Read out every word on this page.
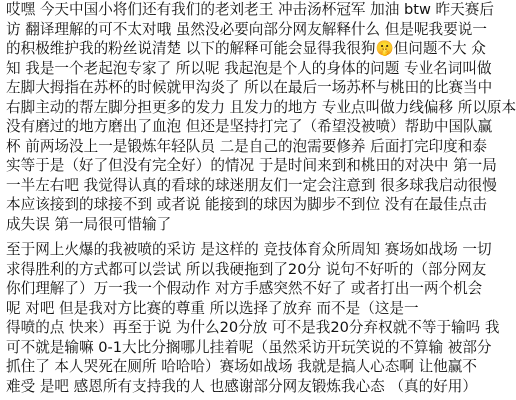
哎嘿 今天中国小将们还有我们的老刘老王 冲击汤杯冠军 加油 btw 昨天赛后
访 翻译理解的可不太对哦 虽然没必要向部分网友解释什么 但是呢我要说一
的积极维护我的粉丝说清楚 以下的解释可能会显得我很狗🤫但问题不大 众
知 我是一个老起泡专家了 所以呢 我起泡是个人的身体的问题 专业名词叫做
左脚大拇指在苏杯的时候就甲沟炎了 所以在最后一场苏杯与桃田的比赛当中
右脚主动的帮左脚分担更多的发力 且发力的地方 专业点叫做力线偏移 所以原本
没有磨过的地方磨出了血泡 但还是坚持打完了（希望没被喷）帮助中国队赢
杯 前两场没上一是锻炼年轻队员 二是自己的泡需要修养 后面打完印度和泰
实等于是（好了但没有完全好）的情况 于是时间来到和桃田的对决中 第一局
一半左右吧 我觉得认真的看球的球迷朋友们一定会注意到 很多球我启动很慢
本应该接到的球接不到 或者说 能接到的球因为脚步不到位 没有在最佳点击
成失误 第一局很可惜输了
至于网上火爆的我被喷的采访 是这样的 竞技体育众所周知 赛场如战场 一切
求得胜利的方式都可以尝试 所以我硬拖到了20分 说句不好听的（部分网友
你们理解了）万一我一个假动作 对方手感突然不好了 或者打出一两个机会
呢 对吧 但是我对方比赛的尊重 所以选择了放弃 而不是（这是一
得喷的点 快来）再至于说 为什么20分放 可不是我20分弃权就不等于输吗 我
可不就是输嘛 0-1大比分搁哪儿挂着呢（虽然采访开玩笑说的不算输 被部分
抓住了 本人哭死在厕所 哈哈哈）赛场如战场 我就是搞人心态啊 让他赢不
难受 是吧 感恩所有支持我的人 也感谢部分网友锻炼我心态 （真的好用）
